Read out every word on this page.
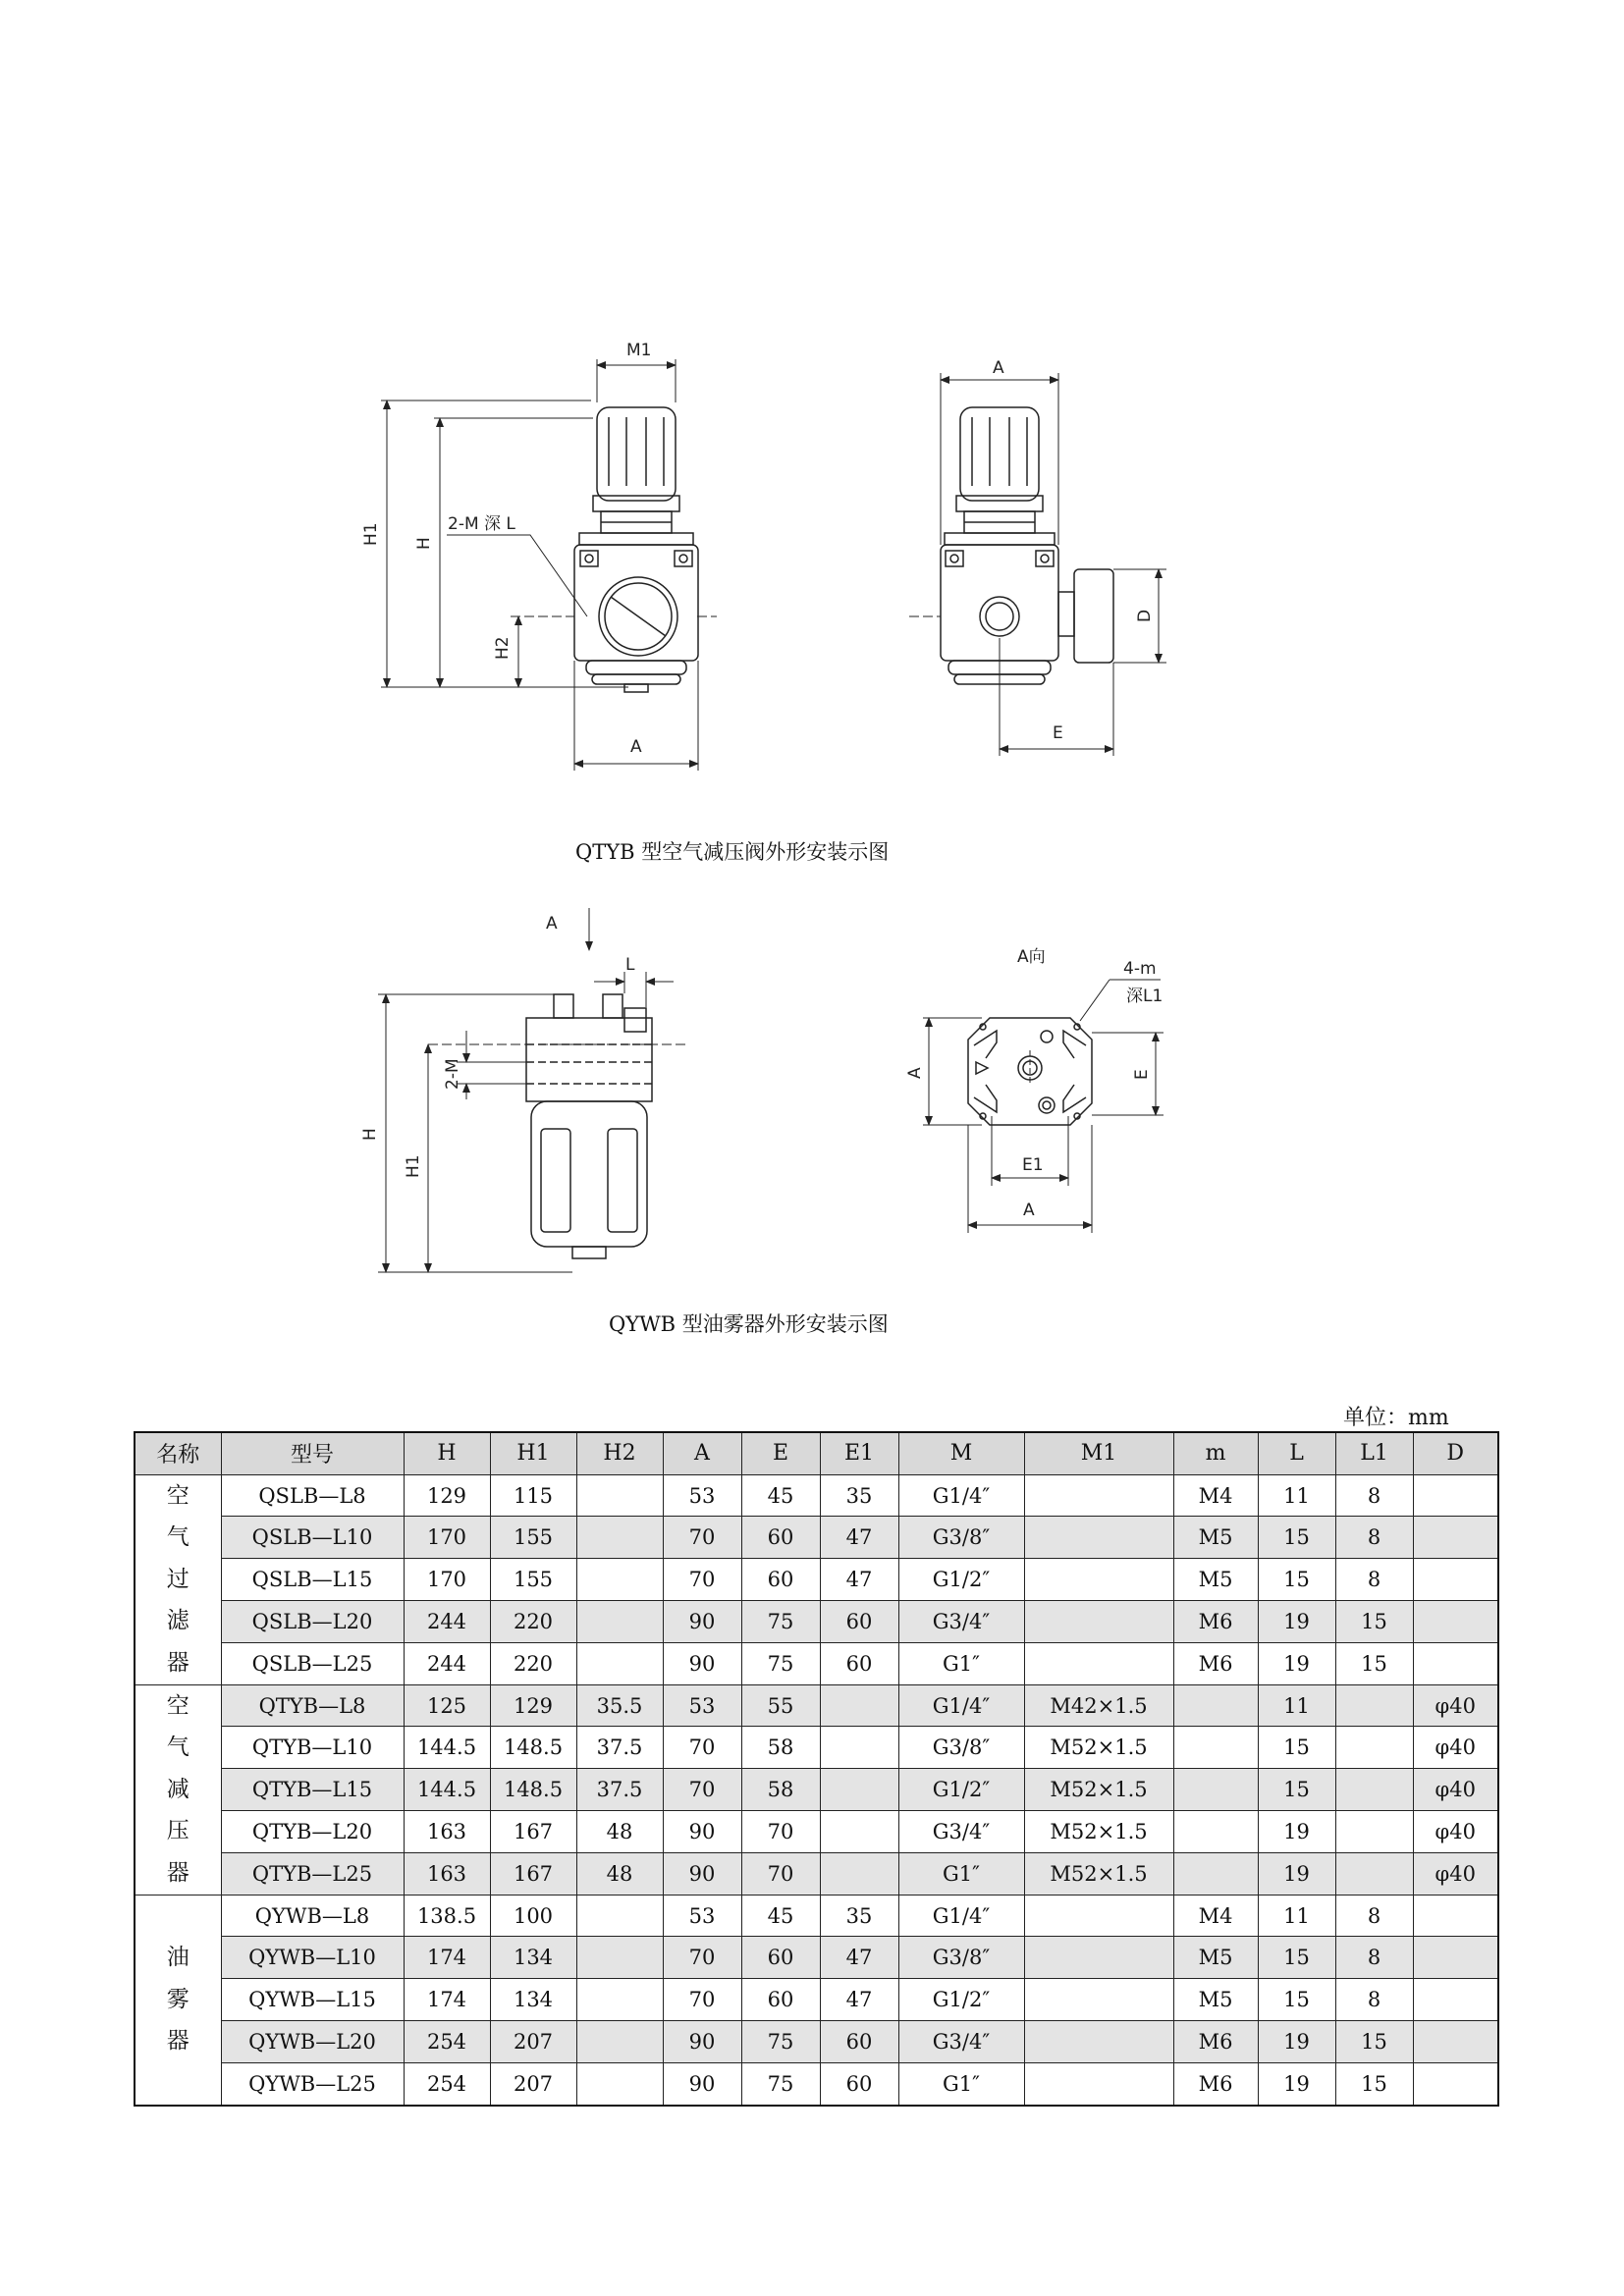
M1
H1 H
H2
A
2-M 深 L
A
D
E
A
L
2-M
H
H1
A向
4-m
深L1
A	E
E1
A
QTYB 型空气减压阀外形安装示图
QYWB 型油雾器外形安装示图
单位：mm
名称	型号	H	H1	H2	A	E	E1	M	M1	m	L	L1	D

空
气
过
滤
器	QSLB—L8	129	115		53	45	35	G1/4″		M4	11	8	
	QSLB—L10	170	155		70	60	47	G3/8″		M5	15	8	
	QSLB—L15	170	155		70	60	47	G1/2″		M5	15	8	
	QSLB—L20	244	220		90	75	60	G3/4″		M6	19	15	
	QSLB—L25	244	220		90	75	60	G1″		M6	19	15	

空
气
减
压
器	QTYB—L8	125	129	35.5	53	55		G1/4″	M42×1.5		11		φ40
	QTYB—L10	144.5	148.5	37.5	70	58		G3/8″	M52×1.5		15		φ40
	QTYB—L15	144.5	148.5	37.5	70	58		G1/2″	M52×1.5		15		φ40
	QTYB—L20	163	167	48	90	70		G3/4″	M52×1.5		19		φ40
	QTYB—L25	163	167	48	90	70		G1″	M52×1.5		19		φ40

油
雾
器	QYWB—L8	138.5	100		53	45	35	G1/4″		M4	11	8	
	QYWB—L10	174	134		70	60	47	G3/8″		M5	15	8	
	QYWB—L15	174	134		70	60	47	G1/2″		M5	15	8	
	QYWB—L20	254	207		90	75	60	G3/4″		M6	19	15	
	QYWB—L25	254	207		90	75	60	G1″		M6	19	15	
